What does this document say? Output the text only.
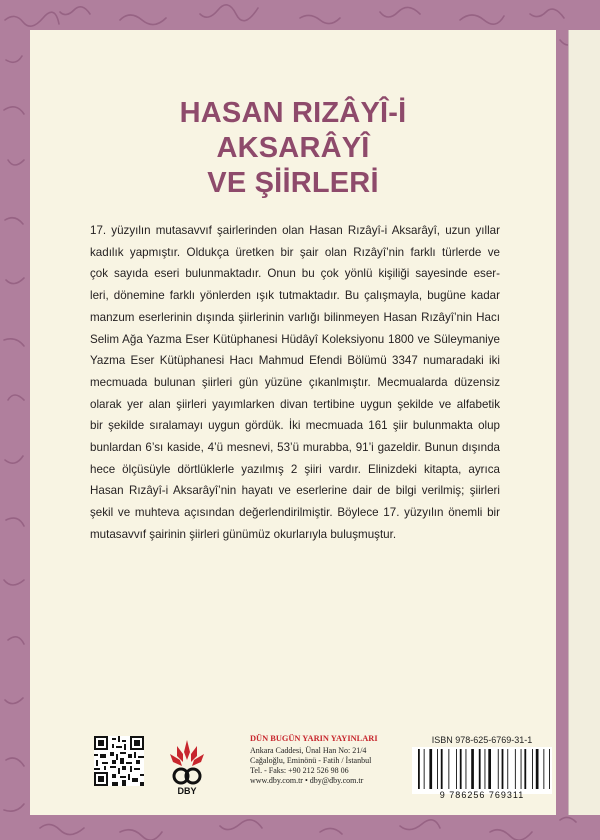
HASAN RIZÂYÎ-İ
AKSARÂYÎ
VE ŞİİRLERİ
17. yüzyılın mutasavvıf şairlerinden olan Hasan Rızâyî-i Aksarâyî, uzun yıllar
kadılık yapmıştır. Oldukça üretken bir şair olan Rızâyî’nin farklı türlerde ve
çok sayıda eseri bulunmaktadır. Onun bu çok yönlü kişiliği sayesinde eser-
leri, dönemine farklı yönlerden ışık tutmaktadır. Bu çalışmayla, bugüne kadar
manzum eserlerinin dışında şiirlerinin varlığı bilinmeyen Hasan Rızâyî’nin Hacı
Selim Ağa Yazma Eser Kütüphanesi Hüdâyî Koleksiyonu 1800 ve Süleymaniye
Yazma Eser Kütüphanesi Hacı Mahmud Efendi Bölümü 3347 numaradaki iki
mecmuada bulunan şiirleri gün yüzüne çıkanlmıştır. Mecmualarda düzensiz
olarak yer alan şiirleri yayımlarken divan tertibine uygun şekilde ve alfabetik
bir şekilde sıralamayı uygun gördük. İki mecmuada 161 şiir bulunmakta olup
bunlardan 6’sı kaside, 4’ü mesnevi, 53’ü murabba, 91’i gazeldir. Bunun dışında
hece ölçüsüyle dörtlüklerle yazılmış 2 şiiri vardır. Elinizdeki kitapta, ayrıca
Hasan Rızâyî-i Aksarâyî’nin hayatı ve eserlerine dair de bilgi verilmiş; şiirleri
şekil ve muhteva açısından değerlendirilmiştir. Böylece 17. yüzyılın önemli bir
mutasavvıf şairinin şiirleri günümüz okurlarıyla buluşmuştur.
DBY
DÜN BUGÜN YARIN YAYINLARI
Ankara Caddesi, Ünal Han No: 21/4
Cağaloğlu, Eminönü - Fatih / İstanbul
Tel. - Faks: +90 212 526 98 06
www.dby.com.tr • dby@dby.com.tr
ISBN 978-625-6769-31-1
9 786256 769311
